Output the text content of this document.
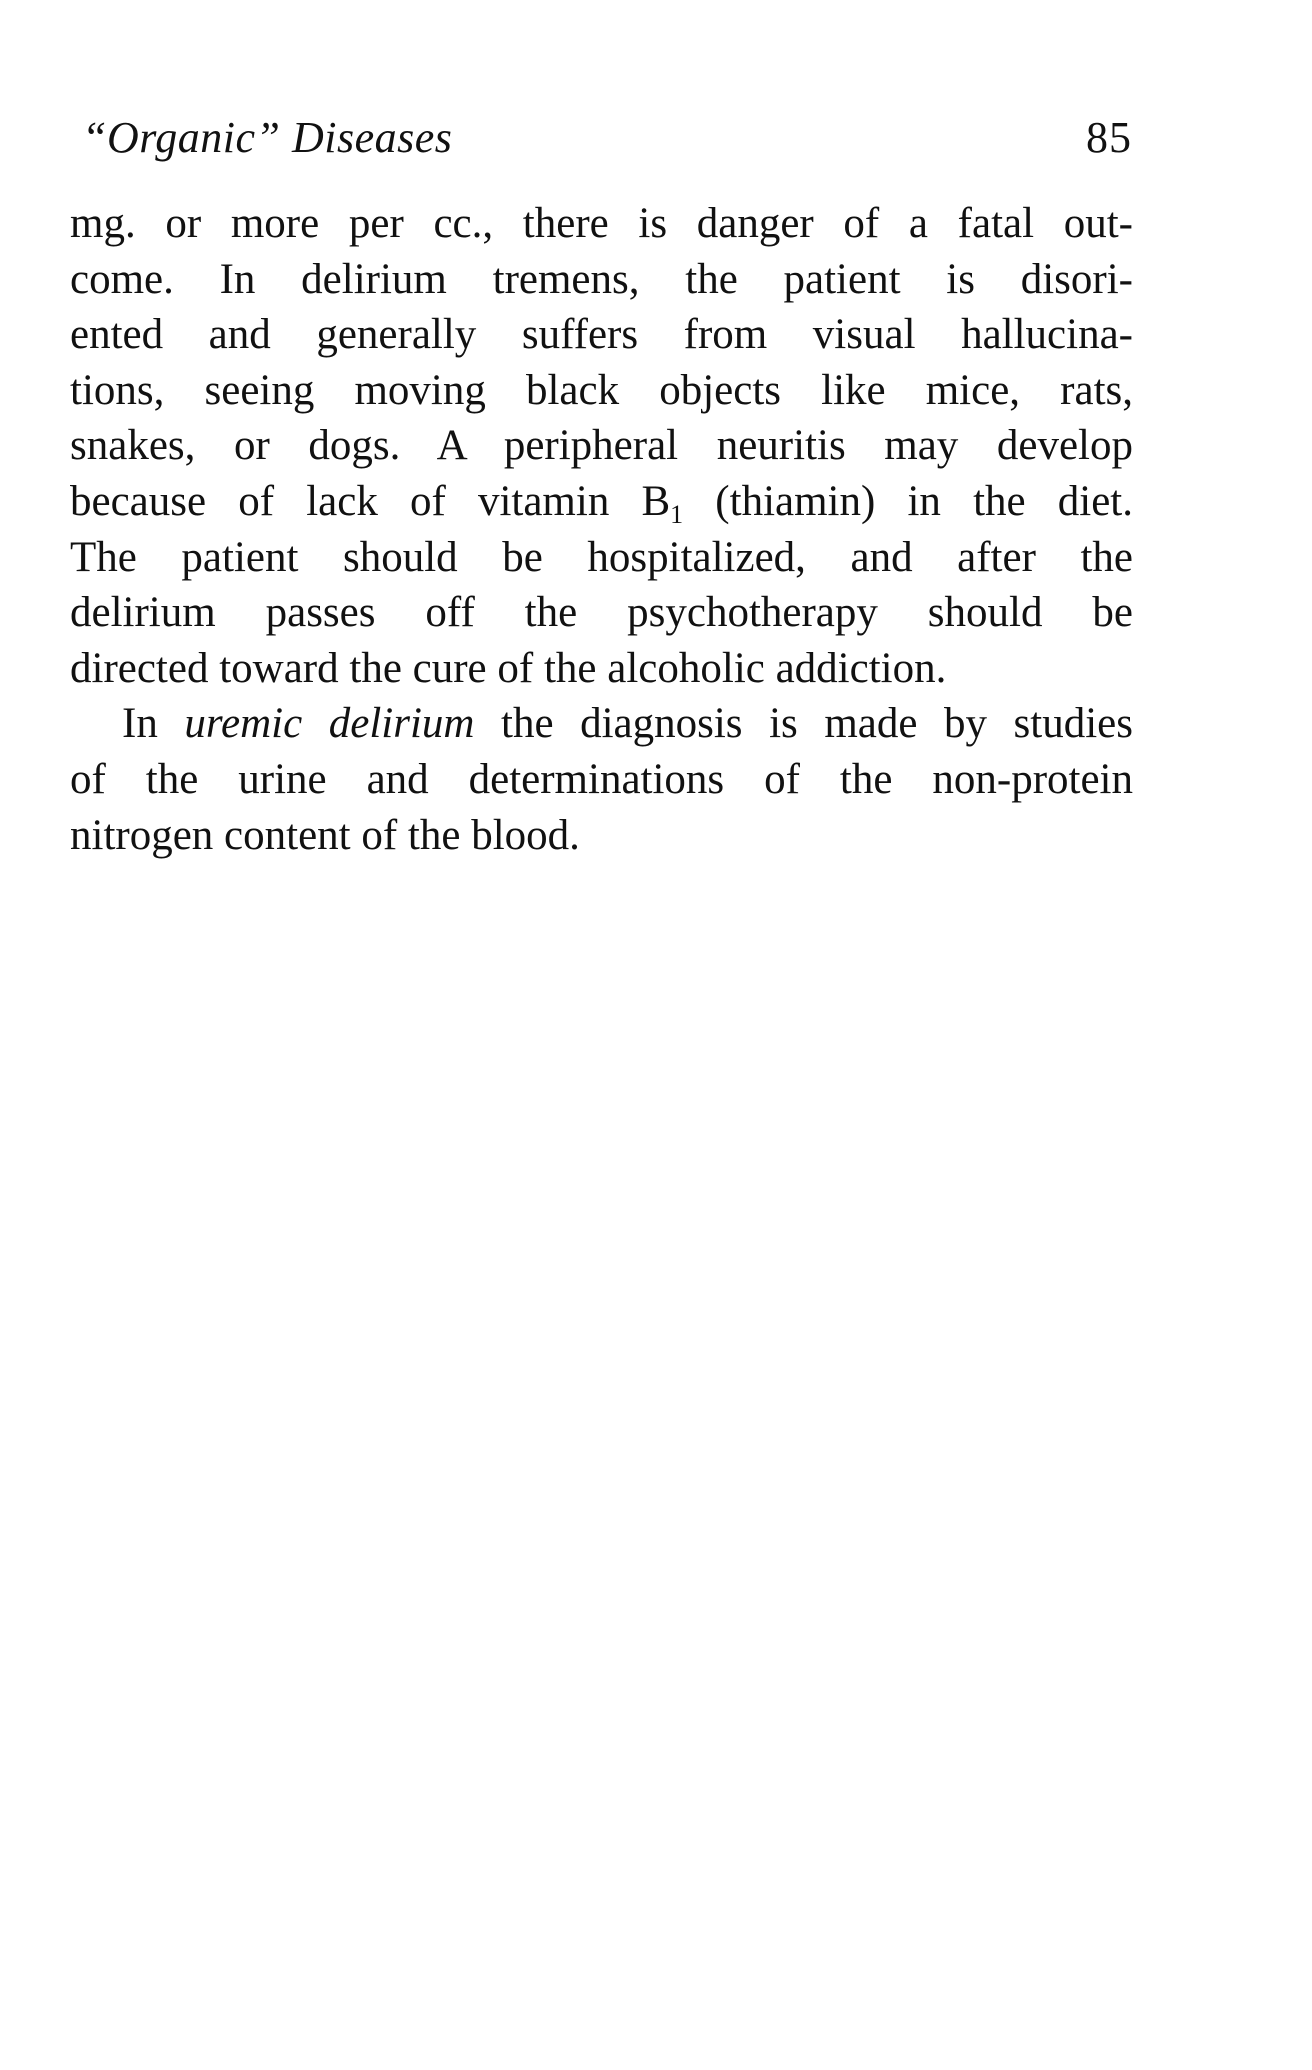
“Organic” Diseases	85
mg. or more per cc., there is danger of a fatal out-
come. In delirium tremens, the patient is disori-
ented and generally suffers from visual hallucina-
tions, seeing moving black objects like mice, rats,
snakes, or dogs. A peripheral neuritis may develop
because of lack of vitamin $B_1$ (thiamin) in the diet.
The patient should be hospitalized, and after the
delirium passes off the psychotherapy should be
directed toward the cure of the alcoholic addiction.
In uremic delirium the diagnosis is made by studies
of the urine and determinations of the non-protein
nitrogen content of the blood.
